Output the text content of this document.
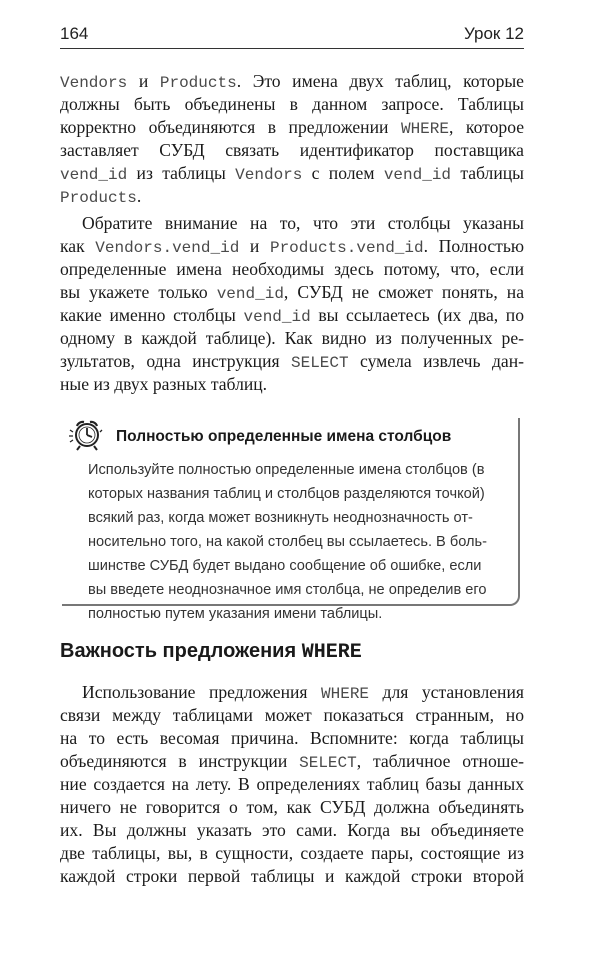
164	Урок 12
Vendors и Products. Это имена двух таблиц, которые
должны быть объединены в данном запросе. Таблицы
корректно объединяются в предложении WHERE, которое
заставляет СУБД связать идентификатор поставщика
vend_id из таблицы Vendors с полем vend_id таблицы
Products.
Обратите внимание на то, что эти столбцы указаны
как Vendors.vend_id и Products.vend_id. Полностью
определенные имена необходимы здесь потому, что, если
вы укажете только vend_id, СУБД не сможет понять, на
какие именно столбцы vend_id вы ссылаетесь (их два, по
одному в каждой таблице). Как видно из полученных ре-
зультатов, одна инструкция SELECT сумела извлечь дан-
ные из двух разных таблиц.
Полностью определенные имена столбцов
Используйте полностью определенные имена столбцов (в
которых названия таблиц и столбцов разделяются точкой)
всякий раз, когда может возникнуть неоднозначность от-
носительно того, на какой столбец вы ссылаетесь. В боль-
шинстве СУБД будет выдано сообщение об ошибке, если
вы введете неоднозначное имя столбца, не определив его
полностью путем указания имени таблицы.
Важность предложения WHERE
Использование предложения WHERE для установления
связи между таблицами может показаться странным, но
на то есть весомая причина. Вспомните: когда таблицы
объединяются в инструкции SELECT, табличное отноше-
ние создается на лету. В определениях таблиц базы данных
ничего не говорится о том, как СУБД должна объединять
их. Вы должны указать это сами. Когда вы объединяете
две таблицы, вы, в сущности, создаете пары, состоящие из
каждой строки первой таблицы и каждой строки второй
